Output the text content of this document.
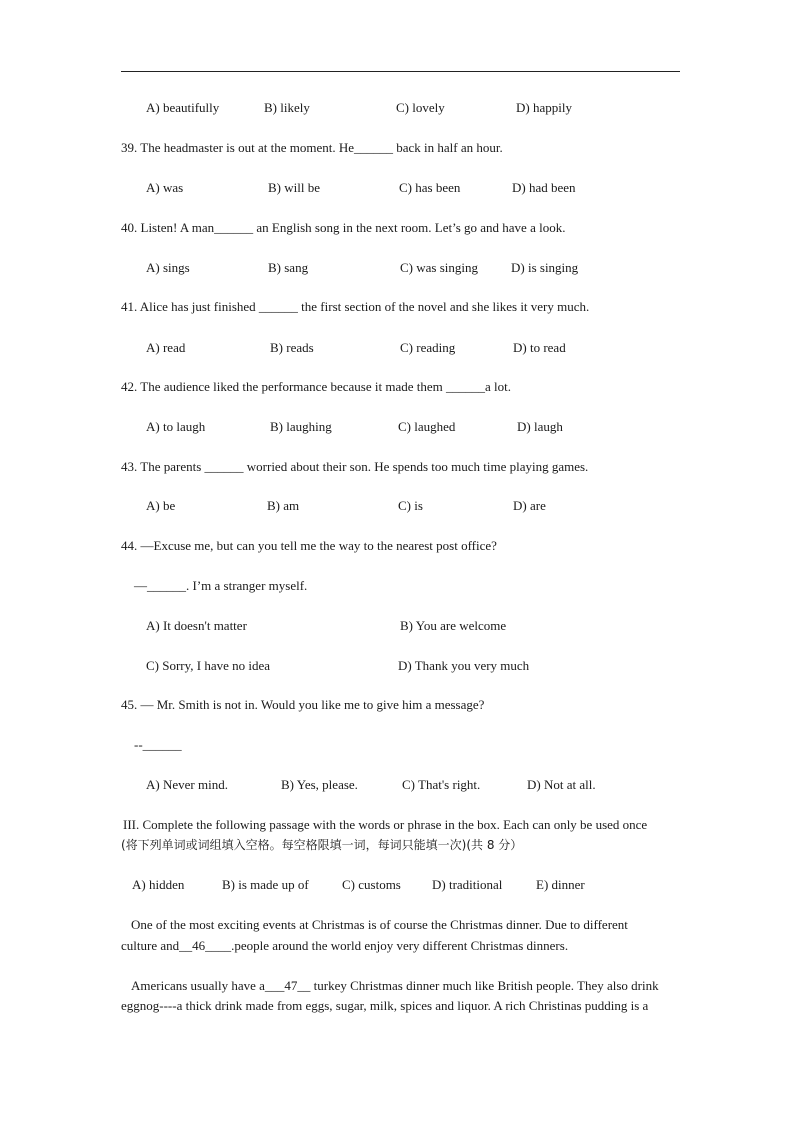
A) beautifully	B) likely	C) lovely	D) happily
39. The headmaster is out at the moment. He______ back in half an hour.
A) was	B) will be	C) has been	D) had been
40. Listen! A man______ an English song in the next room. Let’s go and have a look.
A) sings	B) sang	C) was singing	D) is singing
41. Alice has just finished ______ the first section of the novel and she likes it very much.
A) read	B) reads	C) reading	D) to read
42. The audience liked the performance because it made them ______a lot.
A) to laugh	B) laughing	C) laughed	D) laugh
43. The parents ______ worried about their son. He spends too much time playing games.
A) be	B) am	C) is	D) are
44. —Excuse me, but can you tell me the way to the nearest post office?
—______. I’m a stranger myself.
A) It doesn't matter	B) You are welcome
C) Sorry, I have no idea	D) Thank you very much
45. — Mr. Smith is not in. Would you like me to give him a message?
--______
A) Never mind.	B) Yes, please.	C) That's right.	D) Not at all.
III. Complete the following passage with the words or phrase in the box. Each can only be used once
(将下列单词或词组填入空格。每空格限填一词，每词只能填一次)(共 8 分）
A) hidden	B) is made up of	C) customs D) traditional	E) dinner
One of the most exciting events at Christmas is of course the Christmas dinner. Due to different
culture and__46____.people around the world enjoy very different Christmas dinners.
Americans usually have a___47__ turkey Christmas dinner much like British people. They also drink
eggnog----a thick drink made from eggs, sugar, milk, spices and liquor. A rich Christinas pudding is a
